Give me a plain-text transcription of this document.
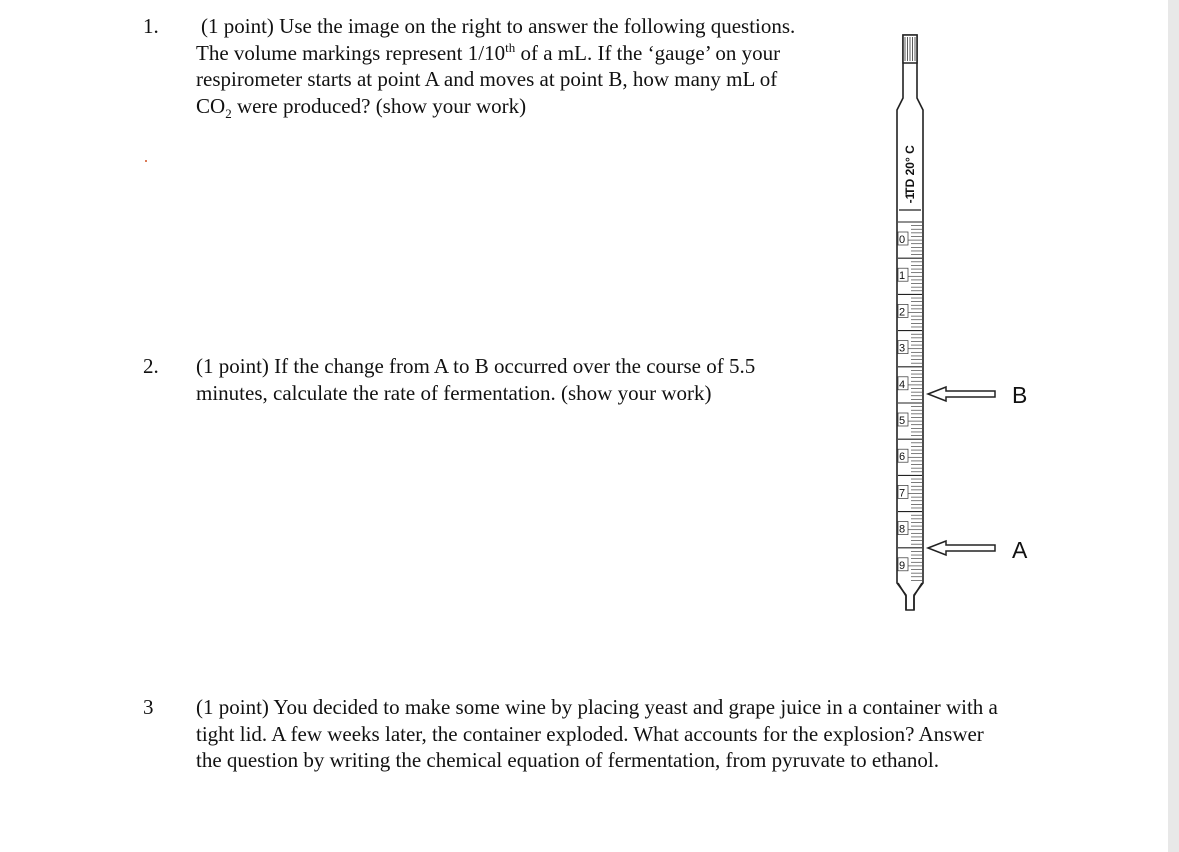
1. (1 point) Use the image on the right to answer the following questions.
The volume markings represent 1/10th of a mL. If the ‘gauge’ on your
respirometer starts at point A and moves at point B, how many mL of
$CO_2$ were produced? (show your work)
2. (1 point) If the change from A to B occurred over the course of 5.5
minutes, calculate the rate of fermentation. (show your work)
3 (1 point) You decided to make some wine by placing yeast and grape juice in a container with a
tight lid. A few weeks later, the container exploded. What accounts for the explosion? Answer
the question by writing the chemical equation of fermentation, from pyruvate to ethanol.
TD 20° C
-1
0
1
2
3
4
5
6
7
8
9
B
A
